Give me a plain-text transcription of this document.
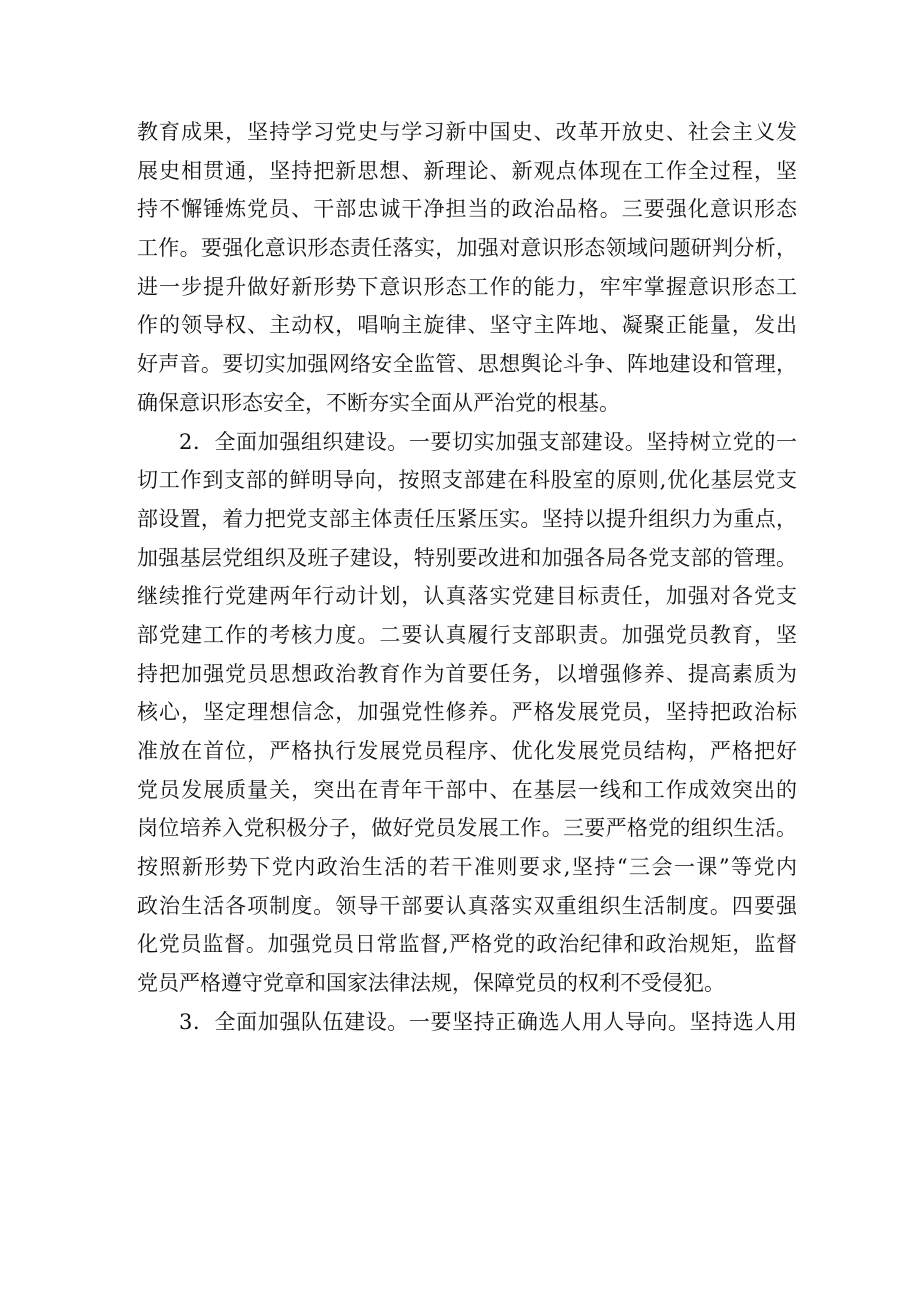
教育成果，坚持学习党史与学习新中国史、改革开放史、社会主义发
展史相贯通，坚持把新思想、新理论、新观点体现在工作全过程，坚
持不懈锤炼党员、干部忠诚干净担当的政治品格。三要强化意识形态
工作。要强化意识形态责任落实，加强对意识形态领域问题研判分析，
进一步提升做好新形势下意识形态工作的能力，牢牢掌握意识形态工
作的领导权、主动权，唱响主旋律、坚守主阵地、凝聚正能量，发出
好声音。要切实加强网络安全监管、思想舆论斗争、阵地建设和管理，
确保意识形态安全，不断夯实全面从严治党的根基。
2．全面加强组织建设。一要切实加强支部建设。坚持树立党的一
切工作到支部的鲜明导向，按照支部建在科股室的原则,优化基层党支
部设置，着力把党支部主体责任压紧压实。坚持以提升组织力为重点，
加强基层党组织及班子建设，特别要改进和加强各局各党支部的管理。
继续推行党建两年行动计划，认真落实党建目标责任，加强对各党支
部党建工作的考核力度。二要认真履行支部职责。加强党员教育，坚
持把加强党员思想政治教育作为首要任务，以增强修养、提高素质为
核心，坚定理想信念，加强党性修养。严格发展党员，坚持把政治标
准放在首位，严格执行发展党员程序、优化发展党员结构，严格把好
党员发展质量关，突出在青年干部中、在基层一线和工作成效突出的
岗位培养入党积极分子，做好党员发展工作。三要严格党的组织生活。
按照新形势下党内政治生活的若干准则要求,坚持“三会一课”等党内
政治生活各项制度。领导干部要认真落实双重组织生活制度。四要强
化党员监督。加强党员日常监督,严格党的政治纪律和政治规矩，监督
党员严格遵守党章和国家法律法规，保障党员的权利不受侵犯。
3．全面加强队伍建设。一要坚持正确选人用人导向。坚持选人用
